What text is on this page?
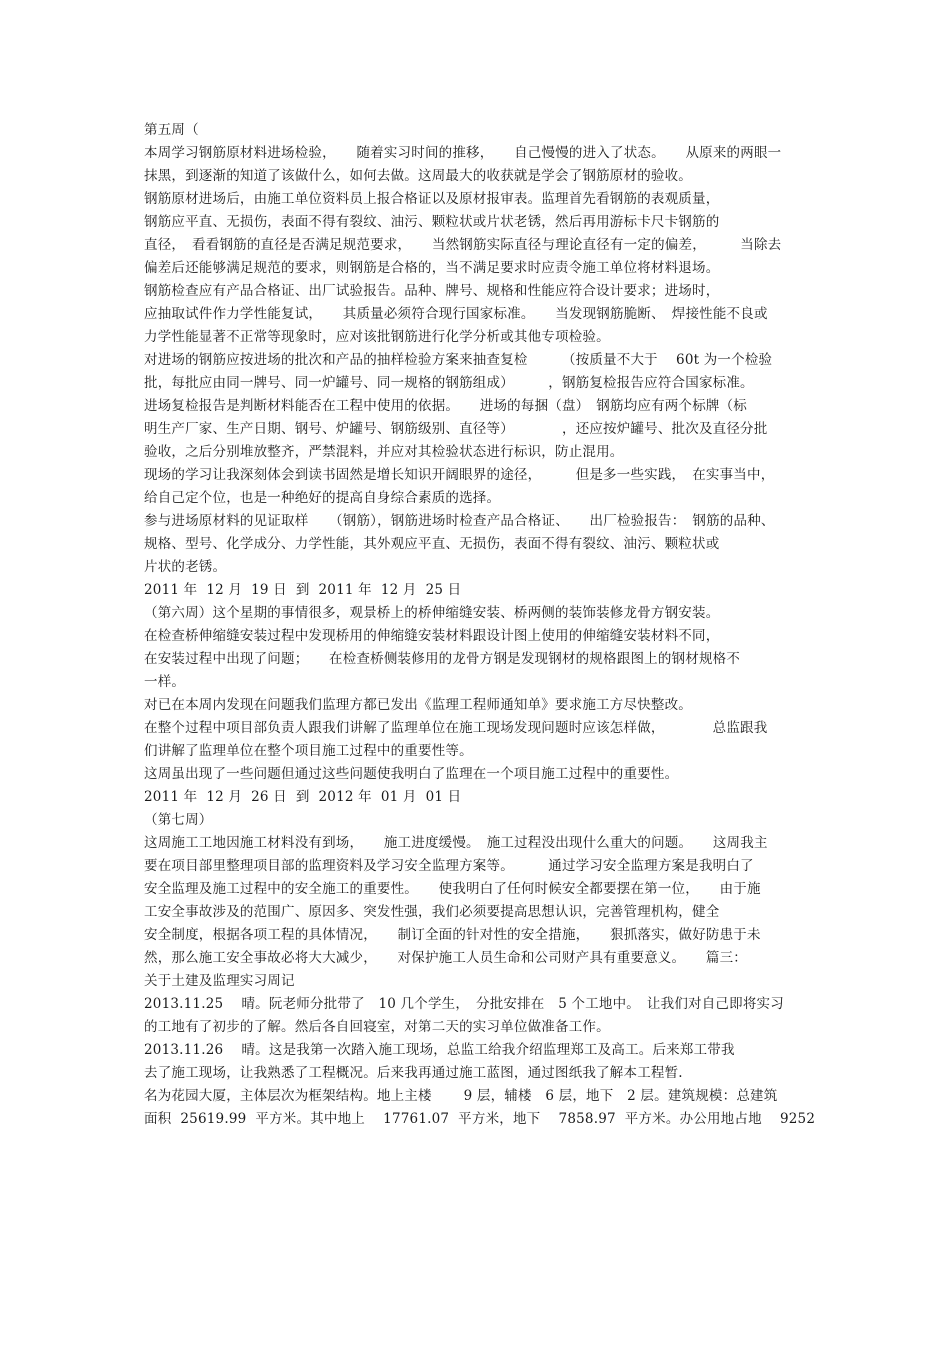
第五周（
本周学习钢筋原材料进场检验，　　随着实习时间的推移，　　自己慢慢的进入了状态。　　从原来的两眼一
抹黑，到逐渐的知道了该做什么，如何去做。这周最大的收获就是学会了钢筋原材的验收。
钢筋原材进场后，由施工单位资料员上报合格证以及原材报审表。监理首先看钢筋的表观质量，
钢筋应平直、无损伤，表面不得有裂纹、油污、颗粒状或片状老锈，然后再用游标卡尺卡钢筋的
直径，　看看钢筋的直径是否满足规范要求，　　当然钢筋实际直径与理论直径有一定的偏差，　　　当除去
偏差后还能够满足规范的要求，则钢筋是合格的，当不满足要求时应责令施工单位将材料退场。
钢筋检查应有产品合格证、出厂试验报告。品种、牌号、规格和性能应符合设计要求；进场时，
应抽取试件作力学性能复试，　　其质量必须符合现行国家标准。　　当发现钢筋脆断、　焊接性能不良或
力学性能显著不正常等现象时，应对该批钢筋进行化学分析或其他专项检验。
对进场的钢筋应按进场的批次和产品的抽样检验方案来抽查复检　　　（按质量不大于　 60t 为一个检验
批，每批应由同一牌号、同一炉罐号、同一规格的钢筋组成）　　　，钢筋复检报告应符合国家标准。
进场复检报告是判断材料能否在工程中使用的依据。　　进场的每捆（盘）　钢筋均应有两个标牌（标
明生产厂家、生产日期、钢号、炉罐号、钢筋级别、直径等）　　　　，还应按炉罐号、批次及直径分批
验收，之后分别堆放整齐，严禁混料，并应对其检验状态进行标识，防止混用。
现场的学习让我深刻体会到读书固然是增长知识开阔眼界的途径，　　　但是多一些实践，　在实事当中，
给自己定个位，也是一种绝好的提高自身综合素质的选择。
参与进场原材料的见证取样　　（钢筋），钢筋进场时检查产品合格证、　　出厂检验报告：　钢筋的品种、
规格、型号、化学成分、力学性能，其外观应平直、无损伤，表面不得有裂纹、油污、颗粒状或
片状的老锈。
2011 年  12 月  19 日  到  2011 年  12 月  25 日
（第六周）这个星期的事情很多，观景桥上的桥伸缩缝安装、桥两侧的装饰装修龙骨方钢安装。
在检查桥伸缩缝安装过程中发现桥用的伸缩缝安装材料跟设计图上使用的伸缩缝安装材料不同，
在安装过程中出现了问题；　　在检查桥侧装修用的龙骨方钢是发现钢材的规格跟图上的钢材规格不
一样。
对已在本周内发现在问题我们监理方都已发出《监理工程师通知单》要求施工方尽快整改。
在整个过程中项目部负责人跟我们讲解了监理单位在施工现场发现问题时应该怎样做，　　　　总监跟我
们讲解了监理单位在整个项目施工过程中的重要性等。
这周虽出现了一些问题但通过这些问题使我明白了监理在一个项目施工过程中的重要性。
2011 年  12 月  26 日  到  2012 年  01 月  01 日
（第七周）
这周施工工地因施工材料没有到场，　　施工进度缓慢。　施工过程没出现什么重大的问题。　　这周我主
要在项目部里整理项目部的监理资料及学习安全监理方案等。　　　通过学习安全监理方案是我明白了
安全监理及施工过程中的安全施工的重要性。　　使我明白了任何时候安全都要摆在第一位，　　由于施
工安全事故涉及的范围广、原因多、突发性强，我们必须要提高思想认识，完善管理机构，健全
安全制度，根据各项工程的具体情况，　　制订全面的针对性的安全措施，　　狠抓落实，做好防患于未
然，那么施工安全事故必将大大减少，　　对保护施工人员生命和公司财产具有重要意义。　　篇三：
关于土建及监理实习周记
2013.11.25　 晴。阮老师分批带了　10 几个学生，　分批安排在　5 个工地中。　让我们对自己即将实习
的工地有了初步的了解。然后各自回寝室，对第二天的实习单位做准备工作。
2013.11.26　 晴。这是我第一次踏入施工现场，总监工给我介绍监理郑工及高工。后来郑工带我
去了施工现场，让我熟悉了工程概况。后来我再通过施工蓝图，通过图纸我了解本工程暂.
名为花园大厦，主体层次为框架结构。地上主楼　　 9 层，辅楼　6 层，地下　2 层。建筑规模：总建筑
面积  25619.99  平方米。其中地上　 17761.07  平方米，地下　 7858.97  平方米。办公用地占地　 9252
